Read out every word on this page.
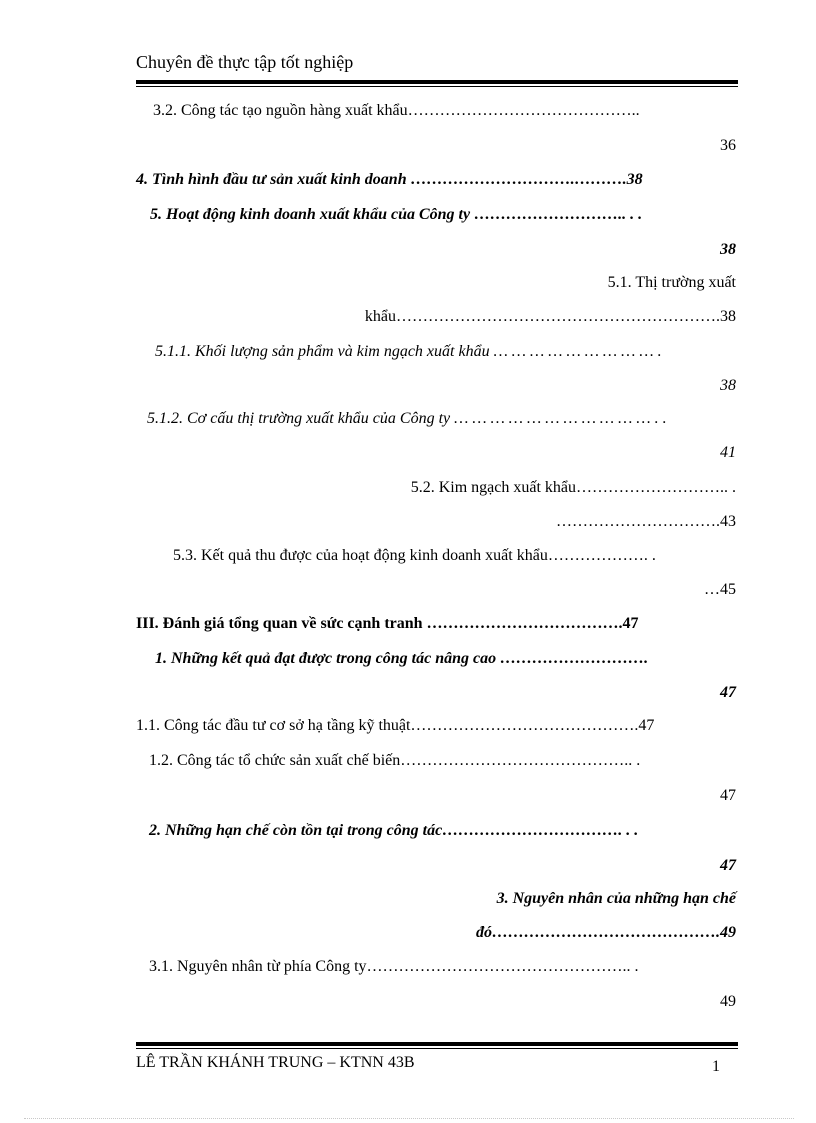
Chuyên đề thực tập tốt nghiệp
3.2. Công tác tạo nguồn hàng xuất khẩu……………………………………..
36
4. Tình hình đầu tư sản xuất kinh doanh ………………………….……….38
5. Hoạt động kinh doanh xuất khẩu của Công ty ……………………….. . .
38
5.1. Thị trường xuất
khẩu…………………………………………………….38
5.1.1. Khối lượng sản phẩm và kim ngạch xuất khẩu … … … … … … … … … .
38
5.1.2. Cơ cấu thị trường xuất khẩu của Công ty … … … … … … … … … … … . .
41
5.2. Kim ngạch xuất khẩu……………………….. .
………………………….43
5.3. Kết quả thu được của hoạt động kinh doanh xuất khẩu………………. .
…45
III. Đánh giá tổng quan về sức cạnh tranh ……………………………….47
1. Những kết quả đạt được trong công tác nâng cao ……………………….
47
1.1. Công tác đầu tư cơ sở hạ tầng kỹ thuật…………………………………….47
1.2. Công tác tổ chức sản xuất chế biến…………………………………….. .
47
2. Những hạn chế còn tồn tại trong công tác……………………………. . .
47
3. Nguyên nhân của những hạn chế
đó…………………………………….49
3.1. Nguyên nhân từ phía Công ty………………………………………….. .
49
LÊ TRẦN KHÁNH TRUNG – KTNN 43B	1
